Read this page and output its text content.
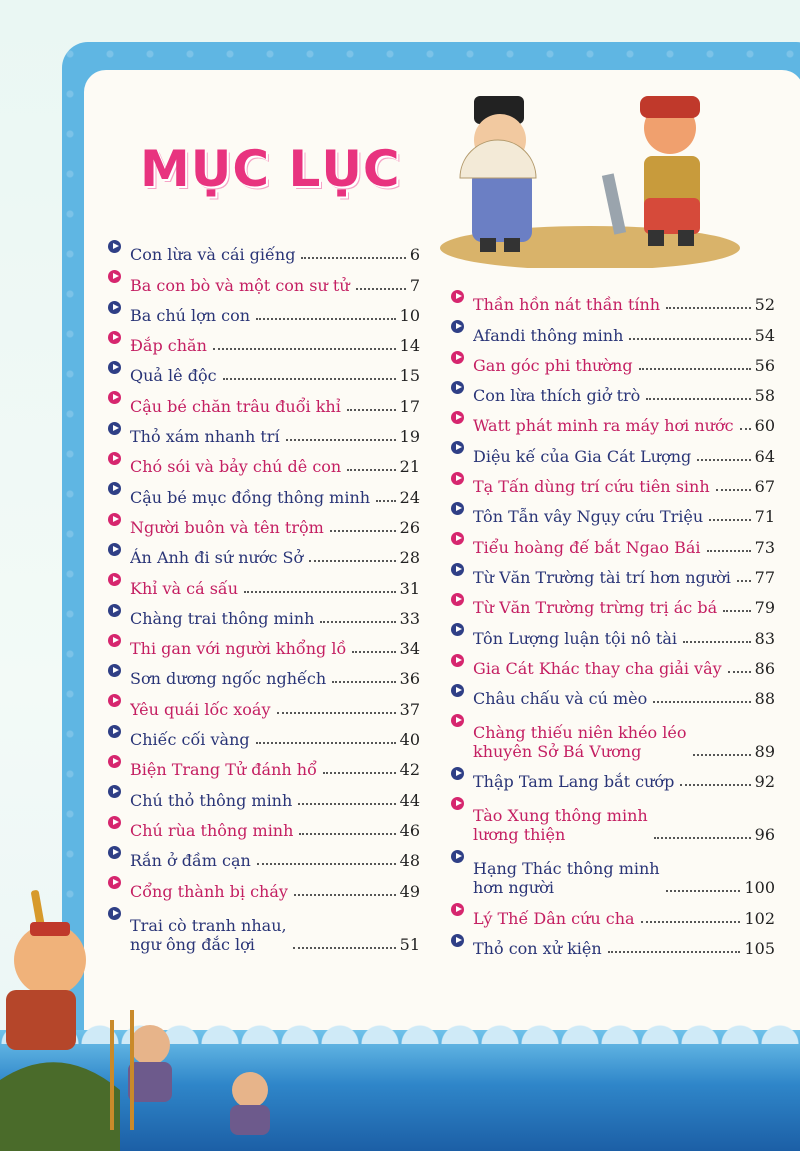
MỤC LỤC
Con lừa và cái giếng	6
Ba con bò và một con sư tử	7
Ba chú lợn con	10
Đắp chăn	14
Quả lê độc	15
Cậu bé chăn trâu đuổi khỉ	17
Thỏ xám nhanh trí	19
Chó sói và bảy chú dê con	21
Cậu bé mục đồng thông minh 24
Người buôn và tên trộm	26
Án Anh đi sứ nước Sở	28
Khỉ và cá sấu	31
Chàng trai thông minh	33
Thi gan với người khổng lồ	34
Sơn dương ngốc nghếch	36
Yêu quái lốc xoáy	37
Chiếc cối vàng	40
Biện Trang Tử đánh hổ	42
Chú thỏ thông minh	44
Chú rùa thông minh	46
Rắn ở đầm cạn	48
Cổng thành bị cháy	49
Trai cò tranh nhau,
ngư ông đắc lợi	51
Thần hồn nát thần tính	52
Afandi thông minh	54
Gan góc phi thường	56
Con lừa thích giở trò	58
Watt phát minh ra máy hơi nước 60
Diệu kế của Gia Cát Lượng	64
Tạ Tấn dùng trí cứu tiên sinh	67
Tôn Tẫn vây Ngụy cứu Triệu	71
Tiểu hoàng đế bắt Ngao Bái	73
Từ Văn Trường tài trí hơn người 77
Từ Văn Trường trừng trị ác bá 79
Tôn Lượng luận tội nô tài	83
Gia Cát Khác thay cha giải vây 86
Châu chấu và cú mèo	88
Chàng thiếu niên khéo léo
khuyên Sở Bá Vương	89
Thập Tam Lang bắt cướp	92
Tào Xung thông minh
lương thiện	96
Hạng Thác thông minh
hơn người	100
Lý Thế Dân cứu cha	102
Thỏ con xử kiện	105
